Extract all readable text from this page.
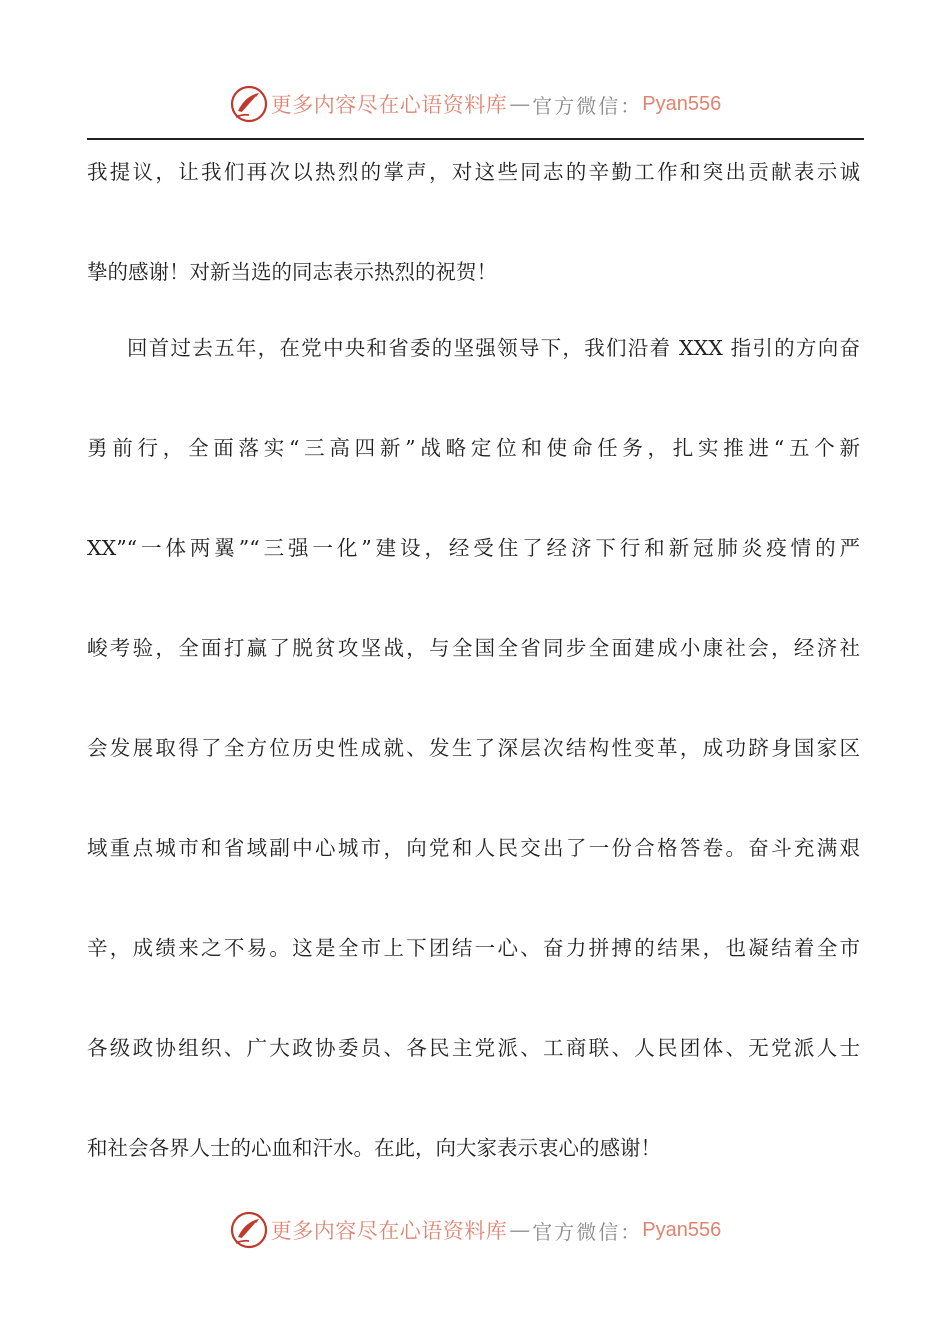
更多内容尽在心语资料库 — 官方微信： Pyan556
我提议，让我们再次以热烈的掌声，对这些同志的辛勤工作和突出贡献表示诚
挚的感谢！对新当选的同志表示热烈的祝贺！
回首过去五年，在党中央和省委的坚强领导下，我们沿着 XXX 指引的方向奋
勇前行，全面落实“三高四新”战略定位和使命任务，扎实推进“五个新
XX”“一体两翼”“三强一化”建设，经受住了经济下行和新冠肺炎疫情的严
峻考验，全面打赢了脱贫攻坚战，与全国全省同步全面建成小康社会，经济社
会发展取得了全方位历史性成就、发生了深层次结构性变革，成功跻身国家区
域重点城市和省域副中心城市，向党和人民交出了一份合格答卷。奋斗充满艰
辛，成绩来之不易。这是全市上下团结一心、奋力拼搏的结果，也凝结着全市
各级政协组织、广大政协委员、各民主党派、工商联、人民团体、无党派人士
和社会各界人士的心血和汗水。在此，向大家表示衷心的感谢！
更多内容尽在心语资料库 — 官方微信： Pyan556
